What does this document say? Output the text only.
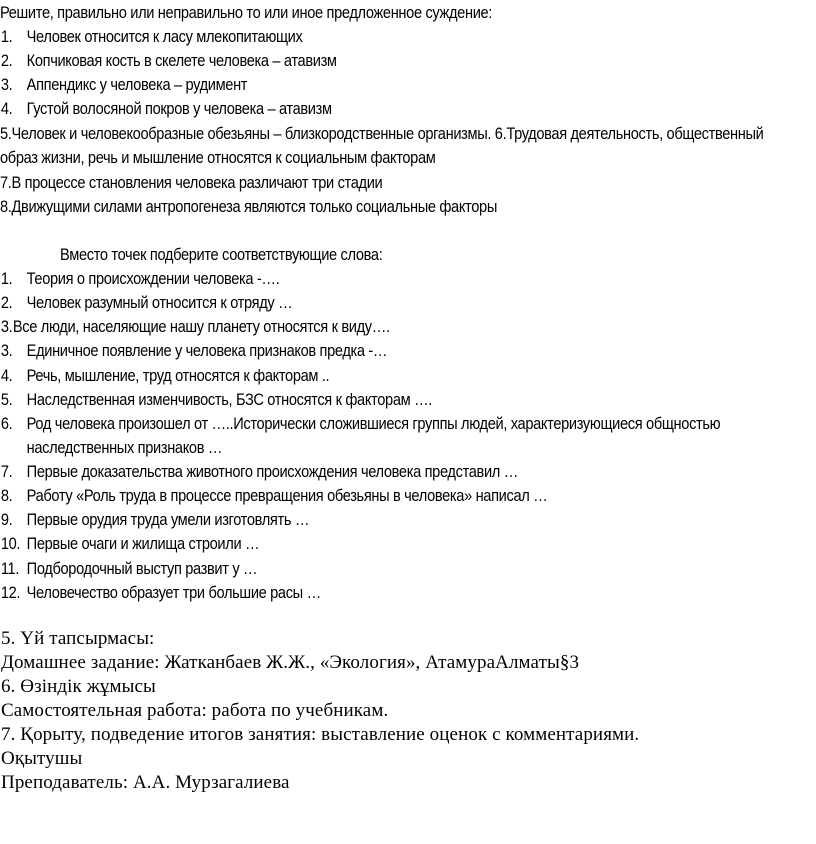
Решите, правильно или неправильно то или иное предложенное суждение:
1. Человек относится к ласу млекопитающих
2. Копчиковая кость в скелете человека – атавизм
3. Аппендикс у человека – рудимент
4. Густой волосяной покров у человека – атавизм
5.Человек и человекообразные обезьяны – близкородственные организмы. 6.Трудовая деятельность, общественный
образ жизни, речь и мышление относятся к социальным факторам
7.В процессе становления человека различают три стадии
8.Движущими силами антропогенеза являются только социальные факторы
Вместо точек подберите соответствующие слова:
1. Теория о происхождении человека -….
2. Человек разумный относится к отряду …
3. Все люди, населяющие нашу планету относятся к виду….
3. Единичное появление у человека признаков предка -…
4. Речь, мышление, труд относятся к факторам ..
5. Наследственная изменчивость, БЗС относятся к факторам ….
6. Род человека произошел от …..Исторически сложившиеся группы людей, характеризующиеся общностью
наследственных признаков …
7. Первые доказательства животного происхождения человека представил …
8. Работу «Роль труда в процессе превращения обезьяны в человека» написал …
9. Первые орудия труда умели изготовлять …
10. Первые очаги и жилища строили …
11. Подбородочный выступ развит у …
12. Человечество образует три большие расы …
5. Үй тапсырмасы:
Домашнее задание: Жатканбаев Ж.Ж., «Экология», АтамураАлматы§3
6. Өзіндік жұмысы
Самостоятельная работа: работа по учебникам.
7. Қорыту, подведение итогов занятия: выставление оценок с комментариями.
Оқытушы
Преподаватель: А.А. Мурзагалиева
